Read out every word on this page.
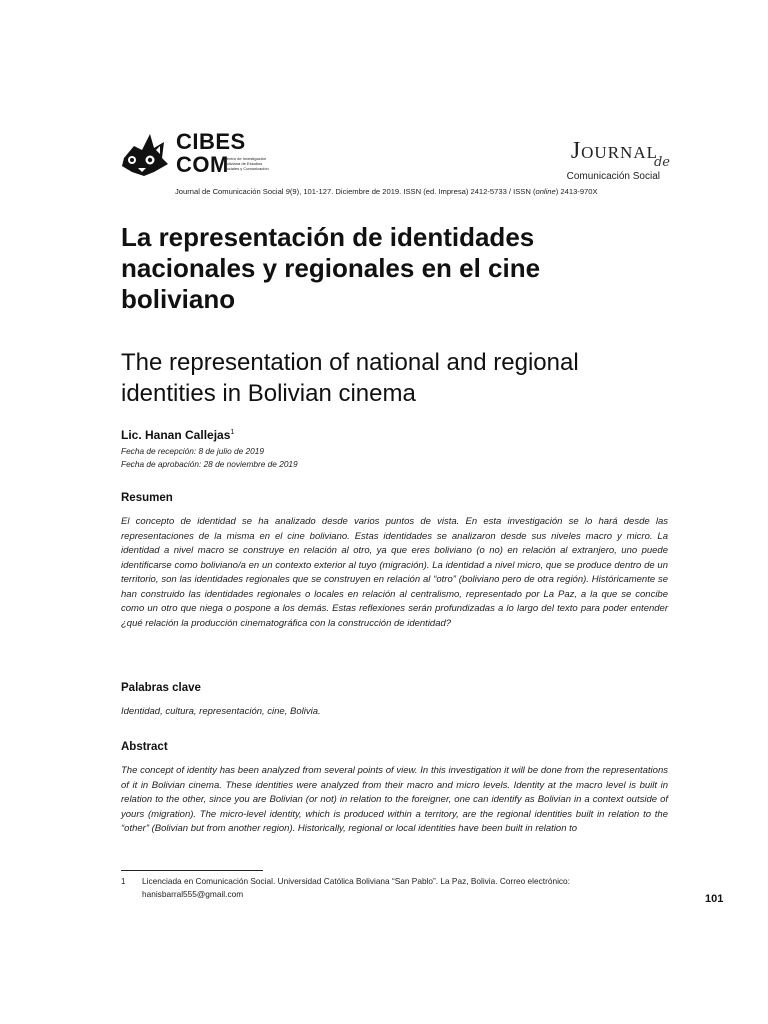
CIBES
COM
Centro de Investigación
Boliviana de Estudios
Sociales y Comunicación
Journal$_{de}$
Comunicación Social
Journal de Comunicación Social 9(9), 101-127. Diciembre de 2019. ISSN (ed. Impresa) 2412-5733 / ISSN (online) 2413-970X
La representación de identidades nacionales y regionales en el cine boliviano
The representation of national and regional identities in Bolivian cinema
Lic. Hanan Callejas$^1$
Fecha de recepción: 8 de julio de 2019
Fecha de aprobación: 28 de noviembre de 2019
Resumen

El concepto de identidad se ha analizado desde varios puntos de vista. En esta investigación se lo hará desde las representaciones de la misma en el cine boliviano. Estas identidades se analizaron desde sus niveles macro y micro. La identidad a nivel macro se construye en relación al otro, ya que eres boliviano (o no) en relación al extranjero, uno puede identificarse como boliviano/a en un contexto exterior al tuyo (migración). La identidad a nivel micro, que se produce dentro de un territorio, son las identidades regionales que se construyen en relación al “otro” (boliviano pero de otra región). Históricamente se han construido las identidades regionales o locales en relación al centralismo, representado por La Paz, a la que se concibe como un otro que niega o pospone a los demás. Estas reflexiones serán profundizadas a lo largo del texto para poder entender ¿qué relación la producción cinematográfica con la construcción de identidad?

Palabras clave

Identidad, cultura, representación, cine, Bolivia.

Abstract

The concept of identity has been analyzed from several points of view. In this investigation it will be done from the representations of it in Bolivian cinema. These identities were analyzed from their macro and micro levels. Identity at the macro level is built in relation to the other, since you are Bolivian (or not) in relation to the foreigner, one can identify as Bolivian in a context outside of yours (migration). The micro-level identity, which is produced within a territory, are the regional identities built in relation to the “other” (Bolivian but from another region). Historically, regional or local identities have been built in relation to

1 Licenciada en Comunicación Social. Universidad Católica Boliviana “San Pablo”. La Paz, Bolivia. Correo electrónico: hanisbarral555@gmail.com	101
